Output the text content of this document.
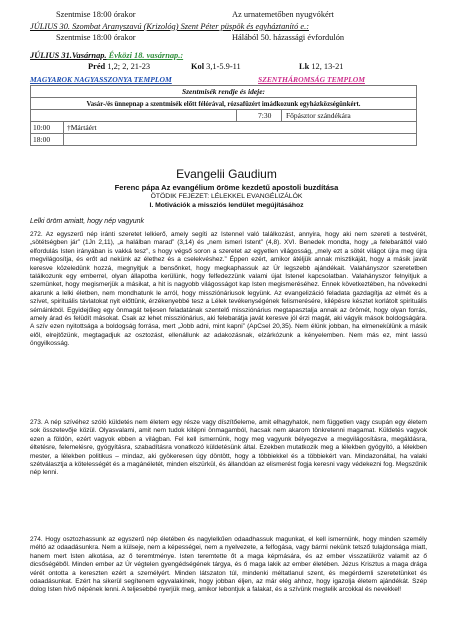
Szentmise 18:00 órakor	Az urnatemetőben nyugvókért
JÚLIUS 30. Szombat Aranyszavú (Krizológ) Szent Péter püspök és egyháztanító e.:
Szentmise 18:00 órakor	Hálából 50. házassági évfordulón
JÚLIUS 31.Vasárnap. Évközi 18. vasárnap.:
Préd 1,2; 2, 21-23	Kol 3,1-5.9-11	Lk 12, 13-21
MAGYAROK NAGYASSZONYA TEMPLOM	SZENTHÁROMSÁG TEMPLOM
Szentmisék rendje és ideje:
Vasár-/és ünnepnap a szentmisék előtt félórával, rózsafüzért imádkozunk egyházközségünkért.
7:30 Főpásztor szándékára
10:00 †Mártáért
18:00
Evangelii Gaudium
Ferenc pápa Az evangélium öröme kezdetű apostoli buzdítása
ÖTÖDIK FEJEZET: LÉLEKKEL EVANGÉLIZÁLÓK
I. Motivációk a missziós lendület megújításához
Lelki öröm amiatt, hogy nép vagyunk
272. Az egyszerű nép iránti szeretet lelkierő, amely segíti az Istennel való találkozást, annyira, hogy aki nem szereti a testvérét, „sötétségben jár” (1Jn 2,11), „a halálban marad” (3,14) és „nem ismeri Istent” (4,8). XVI. Benedek mondta, hogy „a felebaráttól való elfordulás Isten irányában is vakká tesz”, s hogy végső soron a szeretet az egyetlen világosság, „mely ezt a sötét világot újra meg újra megvilágosítja, és erőt ad nekünk az élethez és a cselekvéshez.” Éppen ezért, amikor átéljük annak misztikáját, hogy a másik javát keresve közeledünk hozzá, megnyitjuk a bensőnket, hogy megkaphassuk az Úr legszebb ajándékait. Valahányszor szeretetben találkozunk egy emberrel, olyan állapotba kerülünk, hogy felfedezzünk valami újat Istenel kapcsolatban. Valahányszor felnyitjuk a szemünket, hogy megismerjük a másikat, a hit is nagyobb világosságot kap Isten megismeréséhez. Ennek következtében, ha növekedni akarunk a lelki életben, nem mondhatunk le arról, hogy missziónáriusok legyünk. Az evangelizáció feladata gazdagítja az elmét és a szívet, spirituális távlatokat nyit előttünk, érzékenyebbé tesz a Lélek tevékenységének felismerésére, kilépésre késztet korlátolt spirituális sémáinkból. Egyidejűleg egy önmagát teljesen feladatának szentelő missziónárius megtapasztalja annak az örömét, hogy olyan forrás, amely árad és felüdít másokat. Csak az lehet missziónárius, aki felebarátja javát keresve jól érzi magát, aki vágyik mások boldogságára. A szív ezen nyitottsága a boldogság forrása, mert „Jobb adni, mint kapni” (ApCsel 20,35). Nem élünk jobban, ha elmenekülünk a másik elől, elrejtőzünk, megtagadjuk az osztozást, ellenállunk az adakozásnak, elzárkózunk a kényelemben. Nem más ez, mint lassú öngyilkosság.
273. A nép szívéhez szóló küldetés nem életem egy része vagy díszítőeleme, amit elhagyhatok, nem független vagy csupán egy életem sok összetevője közül. Olyasvalami, amit nem tudok kitépni önmagamból, hacsak nem akarom tönkretenni magamat. Küldetés vagyok ezen a földön, ezért vagyok ebben a világban. Fel kell ismernünk, hogy meg vagyunk bélyegezve a megvilágosításra, megáldásra, éltetésre, felemelésre, gyógyításra, szabadításra vonatkozó küldetésünk által. Ezekben mutatkozik meg a lélekben gyógyító, a lélekben mester, a lélekben politikus – mindaz, aki gyökeresen úgy döntött, hogy a többiekkel és a többiekért van. Mindazonáltal, ha valaki szétválasztja a kötelességét és a magánéletét, minden elszürkül, és állandóan az elismerést fogja keresni vagy védekezni fog. Megszűnik nép lenni.
274. Hogy osztozhassunk az egyszerű nép életében és nagylelkűen odaadhassuk magunkat, el kell ismernünk, hogy minden személy méltó az odaadásunkra. Nem a külseje, nem a képességei, nem a nyelvezete, a felfogása, vagy bármi nekünk tetsző tulajdonsága miatt, hanem mert Isten alkotása, az ő teremtménye. Isten teremtette őt a maga képmására, és az ember visszatükröz valamit az ő dicsőségéből. Minden ember az Úr végtelen gyengédségének tárgya, és ő maga lakik az ember életében. Jézus Krisztus a maga drága vérét ontotta a kereszten ezért a személyért. Minden látszaton túl, mindenki méltatlanul szent, és megérdemli szeretetünket és odaadásunkat. Ezért ha sikerül segítenem egyvalakinek, hogy jobban éljen, az már elég ahhoz, hogy igazolja életem ajándékát. Szép dolog Isten hívő népének lenni. A teljesebbé nyerjük meg, amikor lebontjuk a falakat, és a szívünk megtelik arcokkal és nevekkel!
